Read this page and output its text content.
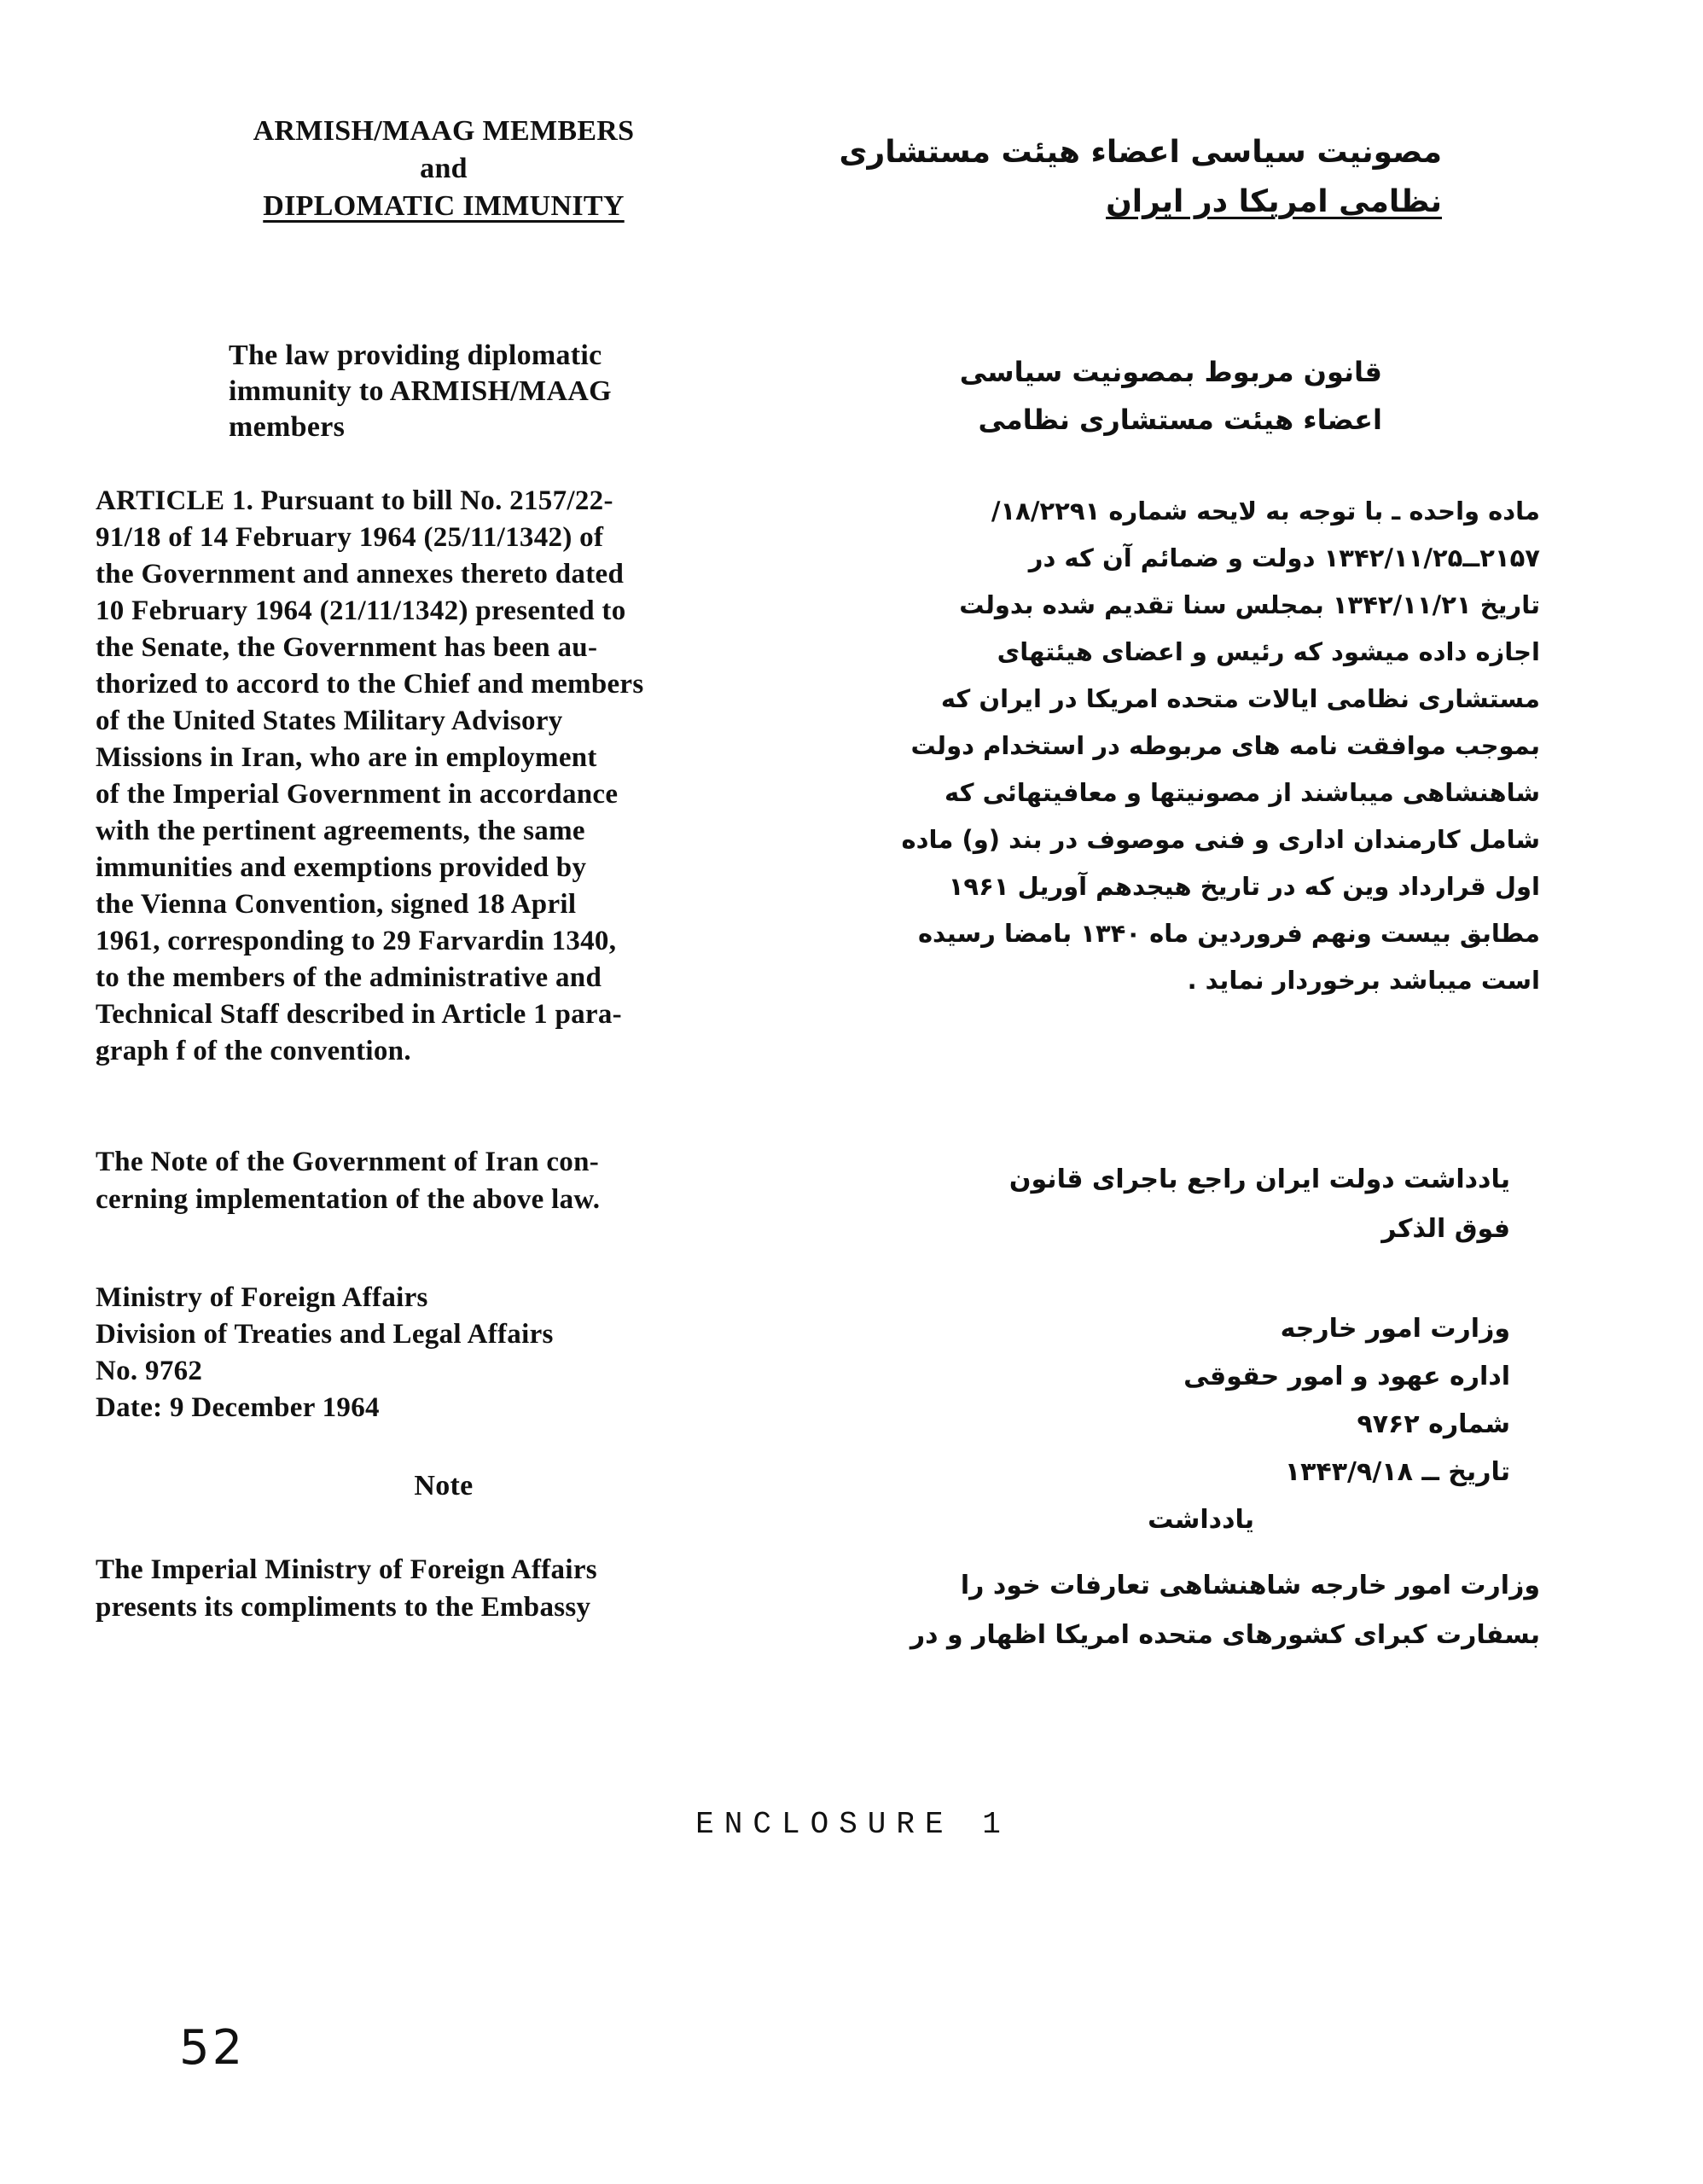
ARMISH/MAAG MEMBERS
and
DIPLOMATIC IMMUNITY
مصونیت سیاسی اعضاء هیئت مستشاری
نظامی امریکا در ایران
The law providing diplomatic
immunity to ARMISH/MAAG
members
قانون مربوط بمصونیت سیاسی
اعضاء هیئت مستشاری نظامی
ARTICLE 1. Pursuant to bill No. 2157/22-
91/18 of 14 February 1964 (25/11/1342) of
the Government and annexes thereto dated
10 February 1964 (21/11/1342) presented to
the Senate, the Government has been au-
thorized to accord to the Chief and members
of the United States Military Advisory
Missions in Iran, who are in employment
of the Imperial Government in accordance
with the pertinent agreements, the same
immunities and exemptions provided by
the Vienna Convention, signed 18 April
1961, corresponding to 29 Farvardin 1340,
to the members of the administrative and
Technical Staff described in Article 1 para-
graph f of the convention.
ماده واحده ـ با توجه به لایحه شماره ۱۸/۲۲۹۱/
۲۱۵۷ــ۱۳۴۲/۱۱/۲۵ دولت و ضمائم آن که در
تاریخ ۱۳۴۲/۱۱/۲۱ بمجلس سنا تقدیم شده بدولت
اجازه داده میشود که رئیس و اعضای هیئتهای
مستشاری نظامی ایالات متحده امریکا در ایران که
بموجب موافقت نامه های مربوطه در استخدام دولت
شاهنشاهی میباشند از مصونیتها و معافیتهائی که
شامل کارمندان اداری و فنی موصوف در بند (و) ماده
اول قرارداد وین که در تاریخ هیجدهم آوریل ۱۹۶۱
مطابق بیست ونهم فروردین ماه ۱۳۴۰ بامضا رسیده
است میباشد برخوردار نماید .
The Note of the Government of Iran con-
cerning implementation of the above law.
یادداشت دولت ایران راجع باجرای قانون
فوق الذکر
Ministry of Foreign Affairs
Division of Treaties and Legal Affairs
No. 9762
Date: 9 December 1964
Note
وزارت امور خارجه
اداره عهود و امور حقوقی
شماره ۹۷۶۲
تاریخ ــ ۱۳۴۳/۹/۱۸
یادداشت
The Imperial Ministry of Foreign Affairs
presents its compliments to the Embassy
وزارت امور خارجه شاهنشاهی تعارفات خود را
بسفارت کبرای کشورهای متحده امریکا اظهار و در
ENCLOSURE 1
52
